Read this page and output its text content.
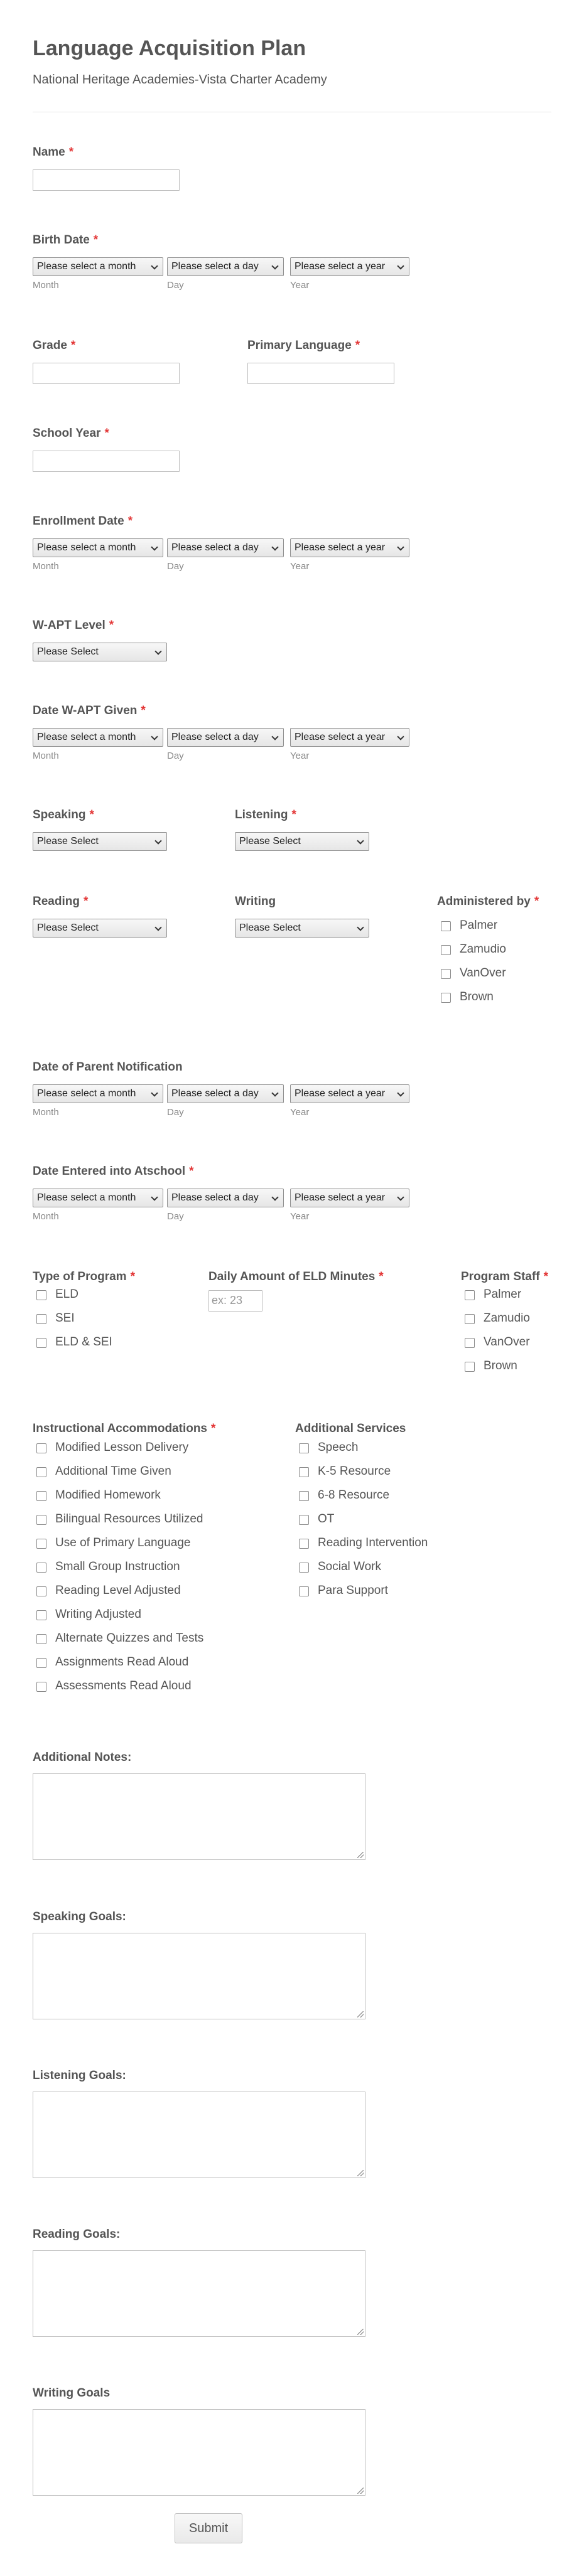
Language Acquisition Plan
National Heritage Academies-Vista Charter Academy
Name *
Birth Date *
Please select a month	Please select a day	Please select a year
Month	Day	Year
Grade *	Primary Language *
School Year *
Enrollment Date *
Please select a month	Please select a day	Please select a year
Month	Day	Year
W-APT Level *
Please Select
Date W-APT Given *
Please select a month	Please select a day	Please select a year
Month	Day	Year
Speaking *
Please Select
Listening *
Please Select
Reading *
Please Select
Writing
Please Select
Administered by *
Palmer
Zamudio
VanOver
Brown
Date of Parent Notification
Please select a month	Please select a day	Please select a year
Month	Day	Year
Date Entered into Atschool *
Please select a month	Please select a day	Please select a year
Month	Day	Year
Type of Program *
ELD
SEI
ELD & SEI
Daily Amount of ELD Minutes *
ex: 23
Program Staff *
Palmer
Zamudio
VanOver
Brown
Instructional Accommodations *
Modified Lesson Delivery
Additional Time Given
Modified Homework
Bilingual Resources Utilized
Use of Primary Language
Small Group Instruction
Reading Level Adjusted
Writing Adjusted
Alternate Quizzes and Tests
Assignments Read Aloud
Assessments Read Aloud
Additional Services
Speech
K-5 Resource
6-8 Resource
OT
Reading Intervention
Social Work
Para Support
Additional Notes:
Speaking Goals:
Listening Goals:
Reading Goals:
Writing Goals
Submit
